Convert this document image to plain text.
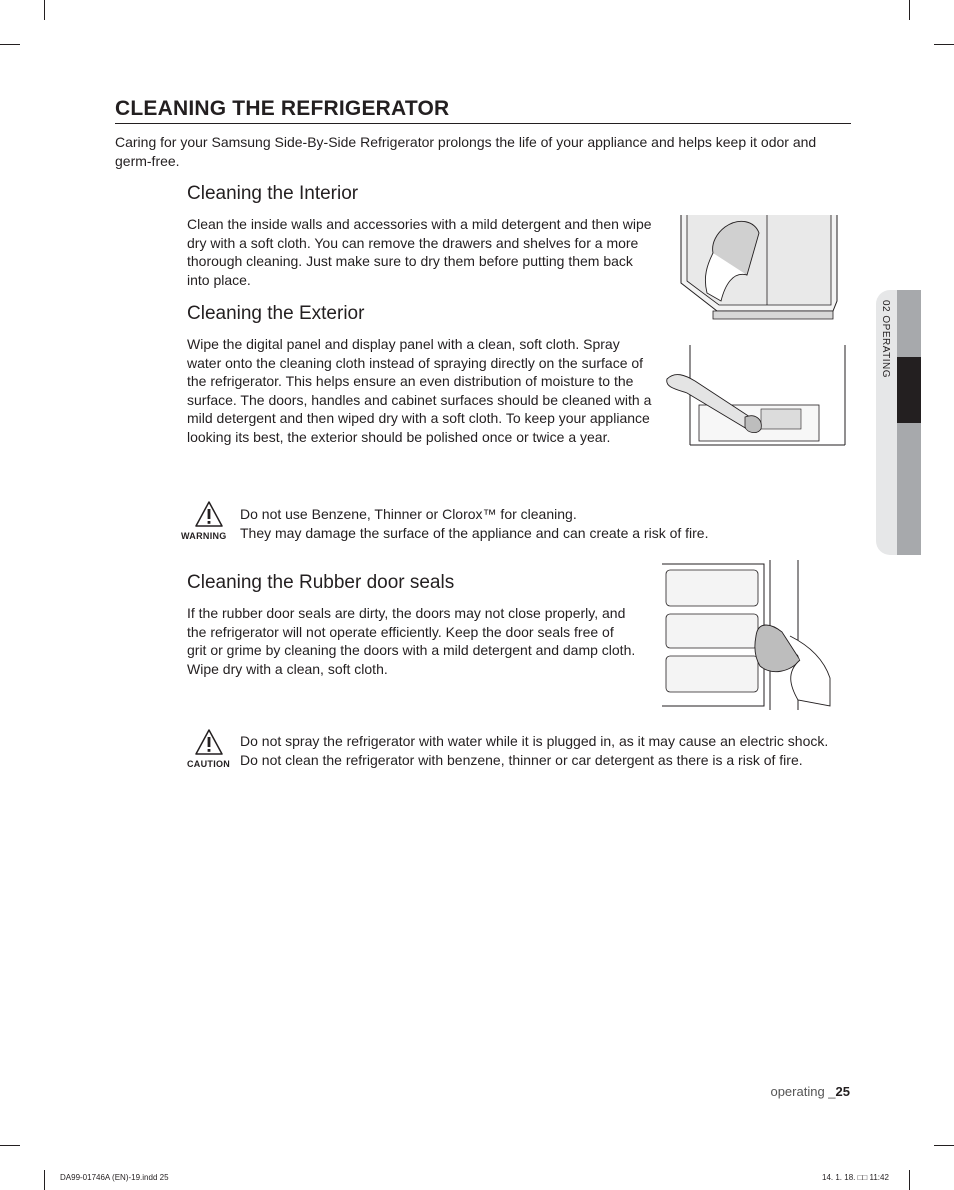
CLEANING THE REFRIGERATOR

Caring for your Samsung Side-By-Side Refrigerator prolongs the life of your appliance and helps keep it odor and germ-free.

Cleaning the Interior

Clean the inside walls and accessories with a mild detergent and then wipe dry with a soft cloth. You can remove the drawers and shelves for a more thorough cleaning. Just make sure to dry them before putting them back into place.

Cleaning the Exterior

Wipe the digital panel and display panel with a clean, soft cloth. Spray water onto the cleaning cloth instead of spraying directly on the surface of the refrigerator. This helps ensure an even distribution of moisture to the surface. The doors, handles and cabinet surfaces should be cleaned with a mild detergent and then wiped dry with a soft cloth. To keep your appliance looking its best, the exterior should be polished once or twice a year.

WARNING

Do not use Benzene, Thinner or Clorox™ for cleaning.
They may damage the surface of the appliance and can create a risk of fire.

Cleaning the Rubber door seals

If the rubber door seals are dirty, the doors may not close properly, and the refrigerator will not operate efficiently. Keep the door seals free of grit or grime by cleaning the doors with a mild detergent and damp cloth. Wipe dry with a clean, soft cloth.

CAUTION

Do not spray the refrigerator with water while it is plugged in, as it may cause an electric shock. Do not clean the refrigerator with benzene, thinner or car detergent as there is a risk of fire.

02 OPERATING
operating _25
DA99-01746A (EN)-19.indd 25	14. 1. 18. □□ 11:42
